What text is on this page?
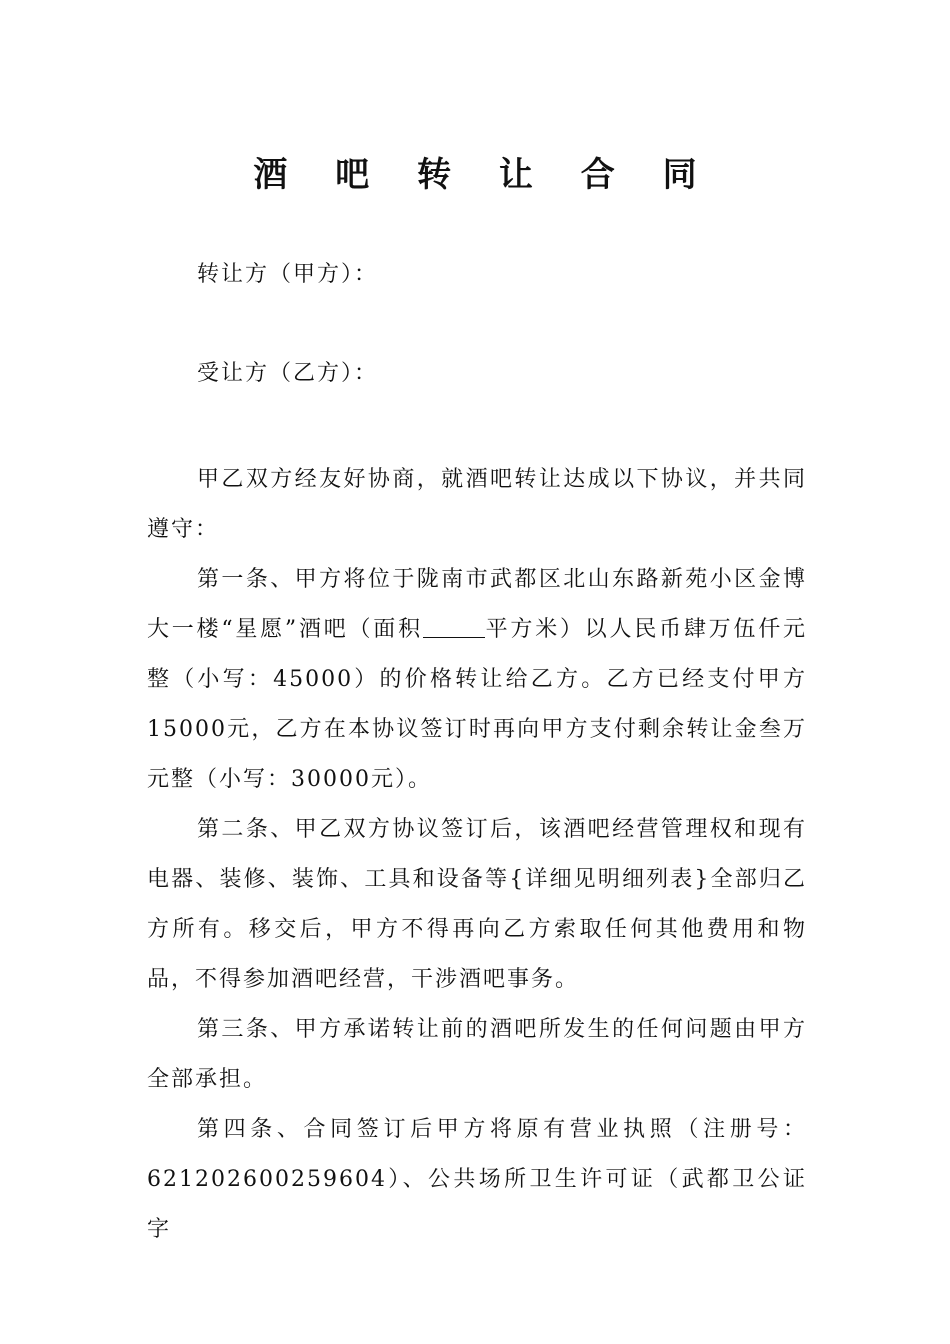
酒 吧 转 让 合 同
转让方（甲方）：
受让方（乙方）：

甲乙双方经友好协商，就酒吧转让达成以下协议，并共同遵守：

第一条、甲方将位于陇南市武都区北山东路新苑小区金博大一楼“星愿”酒吧（面积	平方米）以人民币肆万伍仟元整（小写：45000）的价格转让给乙方。乙方已经支付甲方15000元，乙方在本协议签订时再向甲方支付剩余转让金叁万元整（小写：30000元）。

第二条、甲乙双方协议签订后，该酒吧经营管理权和现有电器、装修、装饰、工具和设备等{详细见明细列表}全部归乙方所有。移交后，甲方不得再向乙方索取任何其他费用和物品，不得参加酒吧经营，干涉酒吧事务。

第三条、甲方承诺转让前的酒吧所发生的任何问题由甲方全部承担。

第四条、合同签订后甲方将原有营业执照（注册号：621202600259604）、公共场所卫生许可证（武都卫公证字
